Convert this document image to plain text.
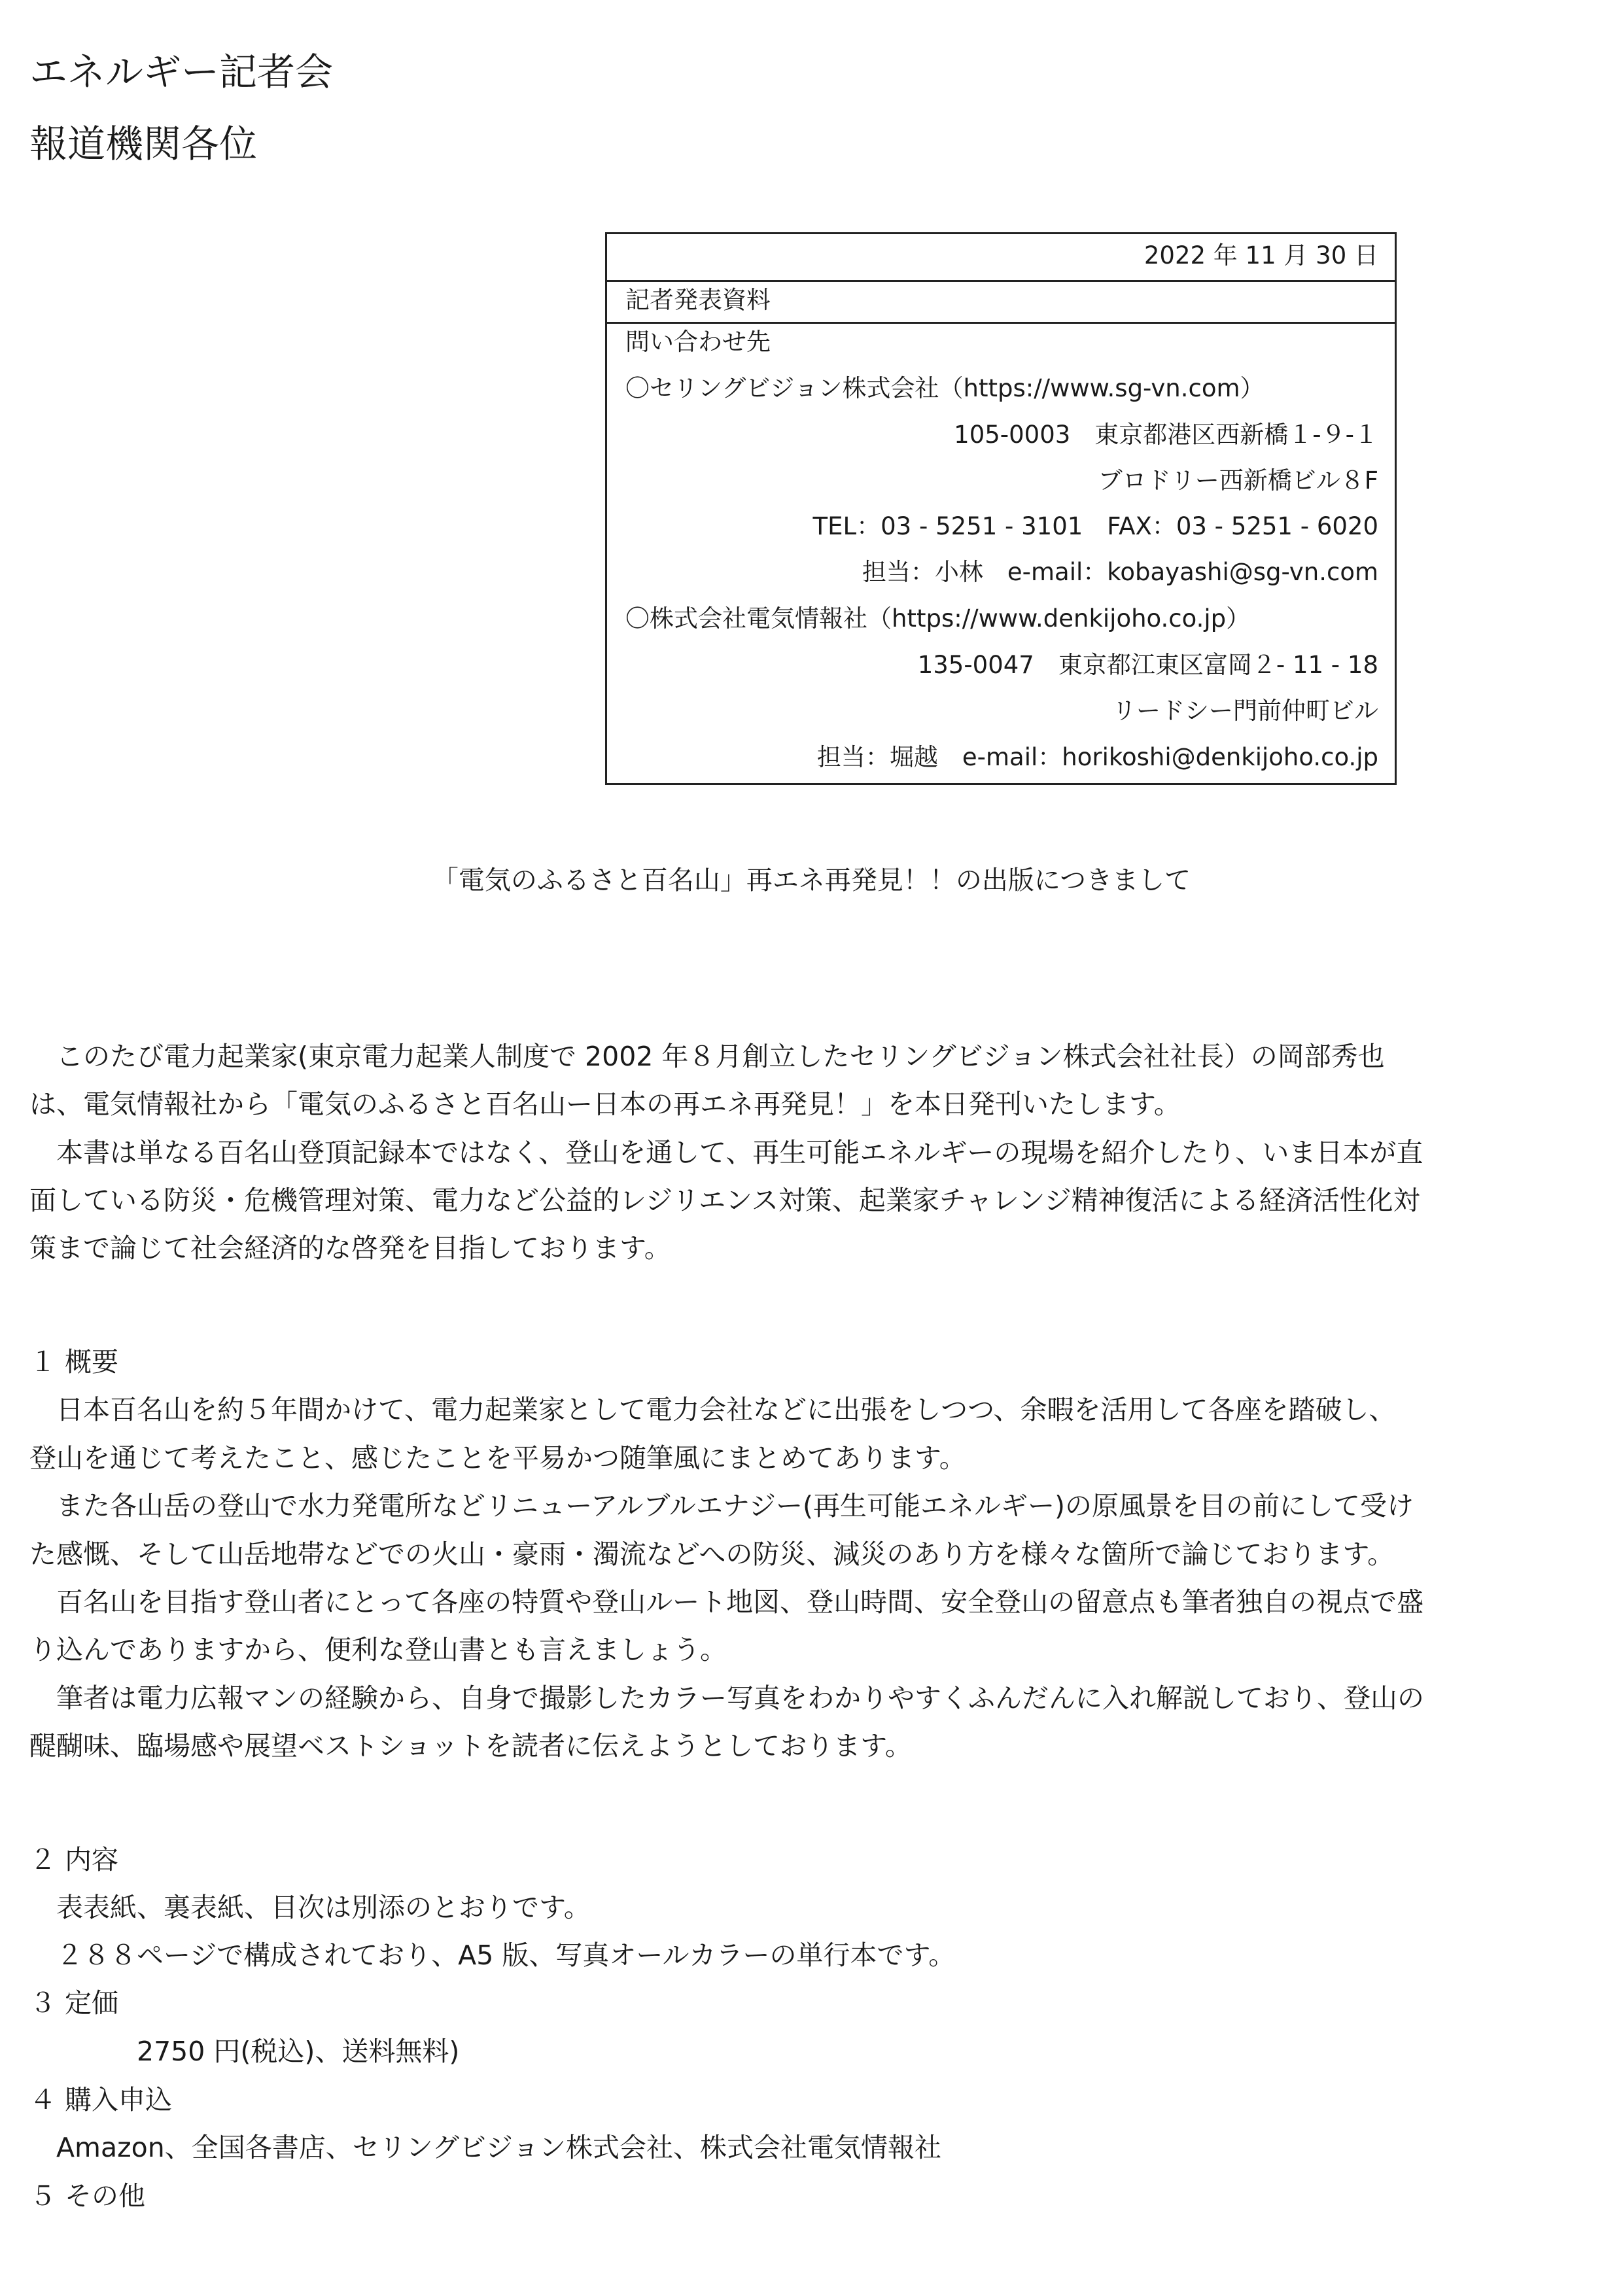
エネルギー記者会
報道機関各位
2022 年 11 月 30 日
記者発表資料
問い合わせ先
〇セリングビジョン株式会社（https://www.sg-vn.com）
105-0003　東京都港区西新橋１-９-１
ブロドリー西新橋ビル８F
TEL：03 - 5251 - 3101　FAX：03 - 5251 - 6020
担当：小林　e-mail：kobayashi@sg-vn.com
〇株式会社電気情報社（https://www.denkijoho.co.jp）
135-0047　東京都江東区富岡２- 11 - 18
リードシー門前仲町ビル
担当：堀越　e-mail：horikoshi@denkijoho.co.jp
「電気のふるさと百名山」再エネ再発見！！の出版につきまして
　このたび電力起業家(東京電力起業人制度で 2002 年８月創立したセリングビジョン株式会社社長）の岡部秀也
は、電気情報社から「電気のふるさと百名山ー日本の再エネ再発見！」を本日発刊いたします。
　本書は単なる百名山登頂記録本ではなく、登山を通して、再生可能エネルギーの現場を紹介したり、いま日本が直
面している防災・危機管理対策、電力など公益的レジリエンス対策、起業家チャレンジ精神復活による経済活性化対
策まで論じて社会経済的な啓発を目指しております。
１ 概要
　日本百名山を約５年間かけて、電力起業家として電力会社などに出張をしつつ、余暇を活用して各座を踏破し、
登山を通じて考えたこと、感じたことを平易かつ随筆風にまとめてあります。
　また各山岳の登山で水力発電所などリニューアルブルエナジー(再生可能エネルギー)の原風景を目の前にして受け
た感慨、そして山岳地帯などでの火山・豪雨・濁流などへの防災、減災のあり方を様々な箇所で論じております。
　百名山を目指す登山者にとって各座の特質や登山ルート地図、登山時間、安全登山の留意点も筆者独自の視点で盛
り込んでありますから、便利な登山書とも言えましょう。
　筆者は電力広報マンの経験から、自身で撮影したカラー写真をわかりやすくふんだんに入れ解説しており、登山の
醍醐味、臨場感や展望ベストショットを読者に伝えようとしております。
２ 内容
　表表紙、裏表紙、目次は別添のとおりです。
　２８８ページで構成されており、A5 版、写真オールカラーの単行本です。
３ 定価
　　　　2750 円(税込)、送料無料)
４ 購入申込
　Amazon、全国各書店、セリングビジョン株式会社、株式会社電気情報社
５ その他
